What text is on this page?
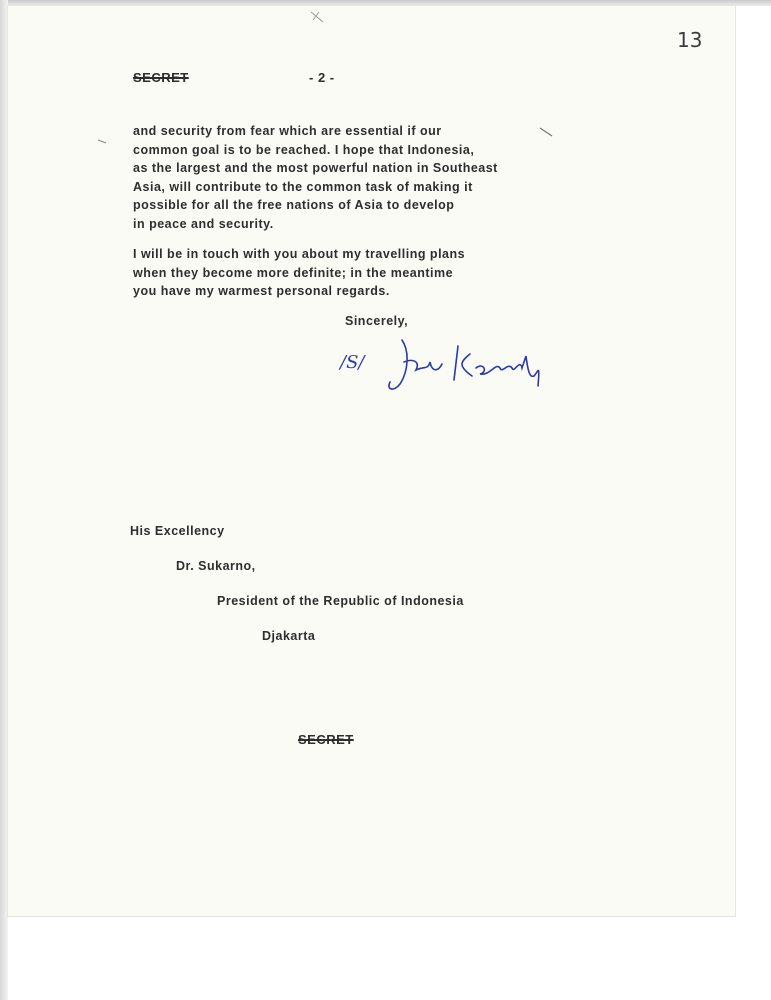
13
SECRET	- 2 -
and security from fear which are essential if our
common goal is to be reached. I hope that Indonesia,
as the largest and the most powerful nation in Southeast
Asia, will contribute to the common task of making it
possible for all the free nations of Asia to develop
in peace and security.
I will be in touch with you about my travelling plans
when they become more definite; in the meantime
you have my warmest personal regards.
Sincerely,
/S/
His Excellency
Dr. Sukarno,
President of the Republic of Indonesia
Djakarta
SECRET
